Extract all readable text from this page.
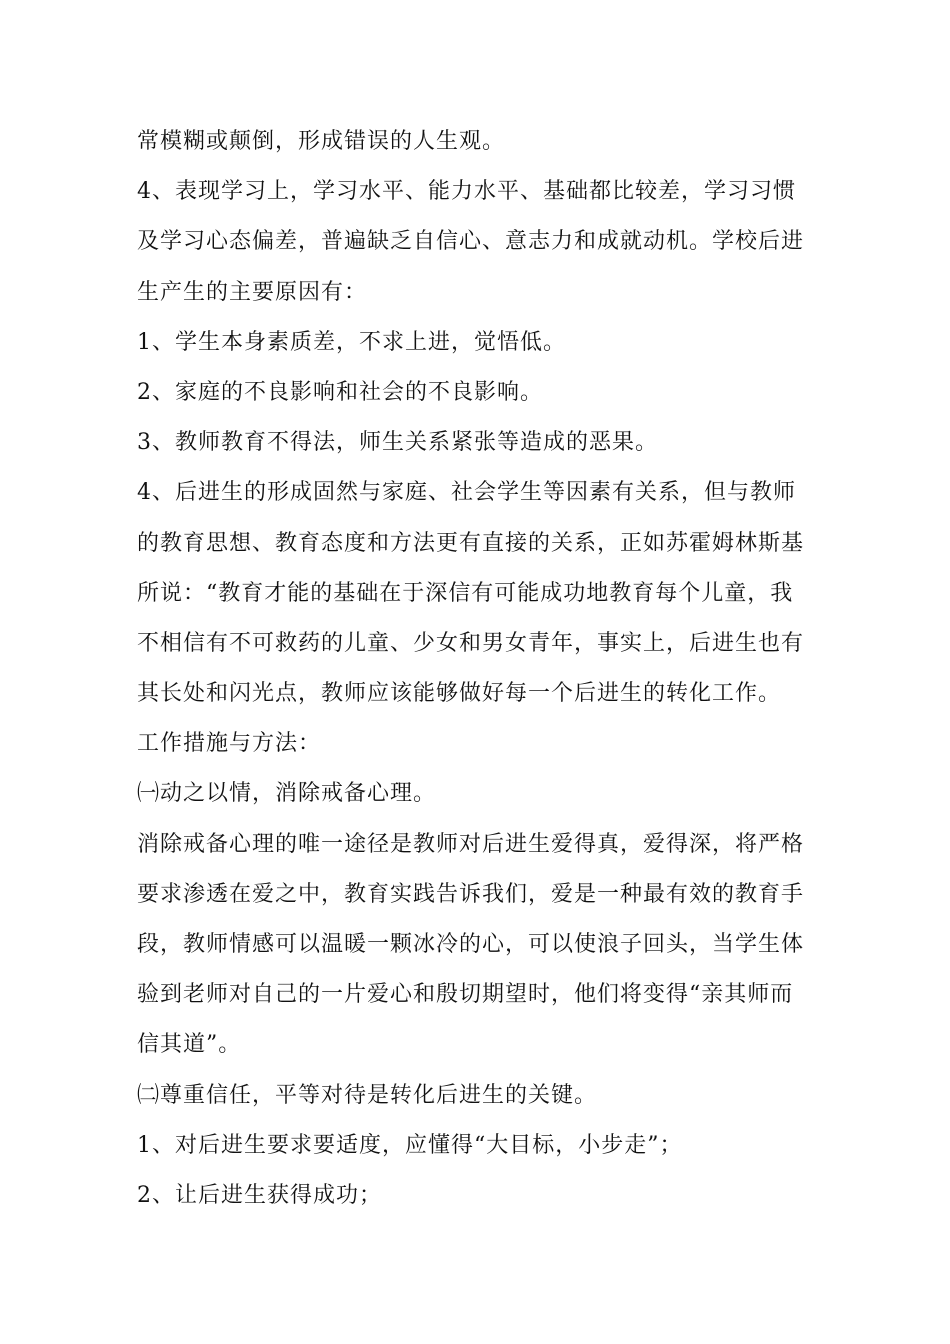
常模糊或颠倒，形成错误的人生观。

4、表现学习上，学习水平、能力水平、基础都比较差，学习习惯

及学习心态偏差，普遍缺乏自信心、意志力和成就动机。学校后进

生产生的主要原因有：

1、学生本身素质差，不求上进，觉悟低。

2、家庭的不良影响和社会的不良影响。

3、教师教育不得法，师生关系紧张等造成的恶果。

4、后进生的形成固然与家庭、社会学生等因素有关系，但与教师

的教育思想、教育态度和方法更有直接的关系，正如苏霍姆林斯基

所说：“教育才能的基础在于深信有可能成功地教育每个儿童，我

不相信有不可救药的儿童、少女和男女青年，事实上，后进生也有

其长处和闪光点，教师应该能够做好每一个后进生的转化工作。

工作措施与方法：

㈠动之以情，消除戒备心理。

消除戒备心理的唯一途径是教师对后进生爱得真，爱得深，将严格

要求渗透在爱之中，教育实践告诉我们，爱是一种最有效的教育手

段，教师情感可以温暖一颗冰冷的心，可以使浪子回头，当学生体

验到老师对自己的一片爱心和殷切期望时，他们将变得“亲其师而

信其道”。

㈡尊重信任，平等对待是转化后进生的关键。

1、对后进生要求要适度，应懂得“大目标，小步走”；

2、让后进生获得成功；
